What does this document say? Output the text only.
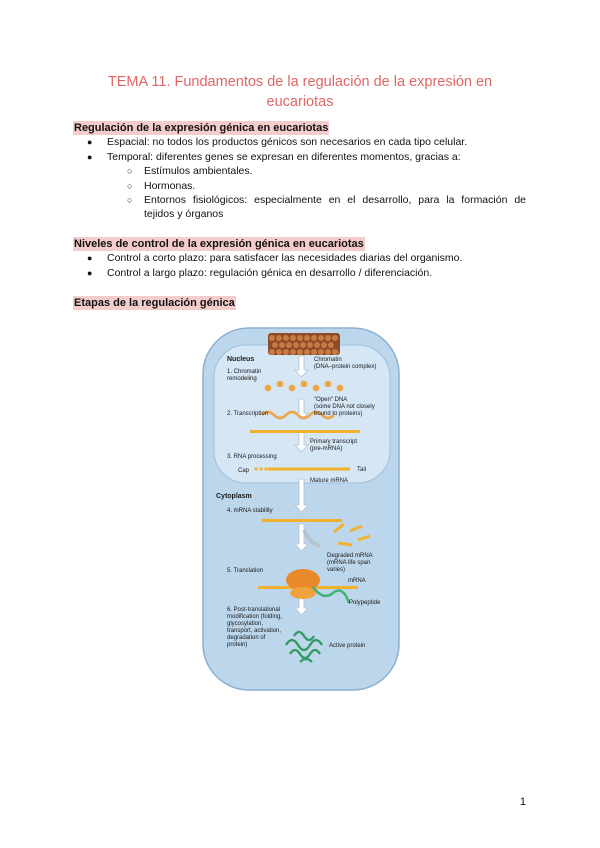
TEMA 11. Fundamentos de la regulación de la expresión en
eucariotas
Regulación de la expresión génica en eucariotas
● Espacial: no todos los productos génicos son necesarios en cada tipo celular.
● Temporal: diferentes genes se expresan en diferentes momentos, gracias a:
○ Estímulos ambientales.
○ Hormonas.
○ Entornos fisiológicos: especialmente en el desarrollo, para la formación de
tejidos y órganos
Niveles de control de la expresión génica en eucariotas
● Control a corto plazo: para satisfacer las necesidades diarias del organismo.
● Control a largo plazo: regulación génica en desarrollo / diferenciación.
Etapas de la regulación génica
Nucleus	Chromatin
(DNA–protein complex)
1. Chromatin
remodeling
"Open" DNA
(some DNA not closely
bound to proteins)
2. Transcription
Primary transcript
(pre-mRNA)
3. RNA processing
Cap	Tail
Mature mRNA
Cytoplasm
4. mRNA stability
Degraded mRNA
(mRNA life span
varies)
5. Translation
mRNA
Polypeptide
6. Post-translational
modification (folding,
glycosylation,
transport, activation,
degradation of
protein)	Active protein
1
